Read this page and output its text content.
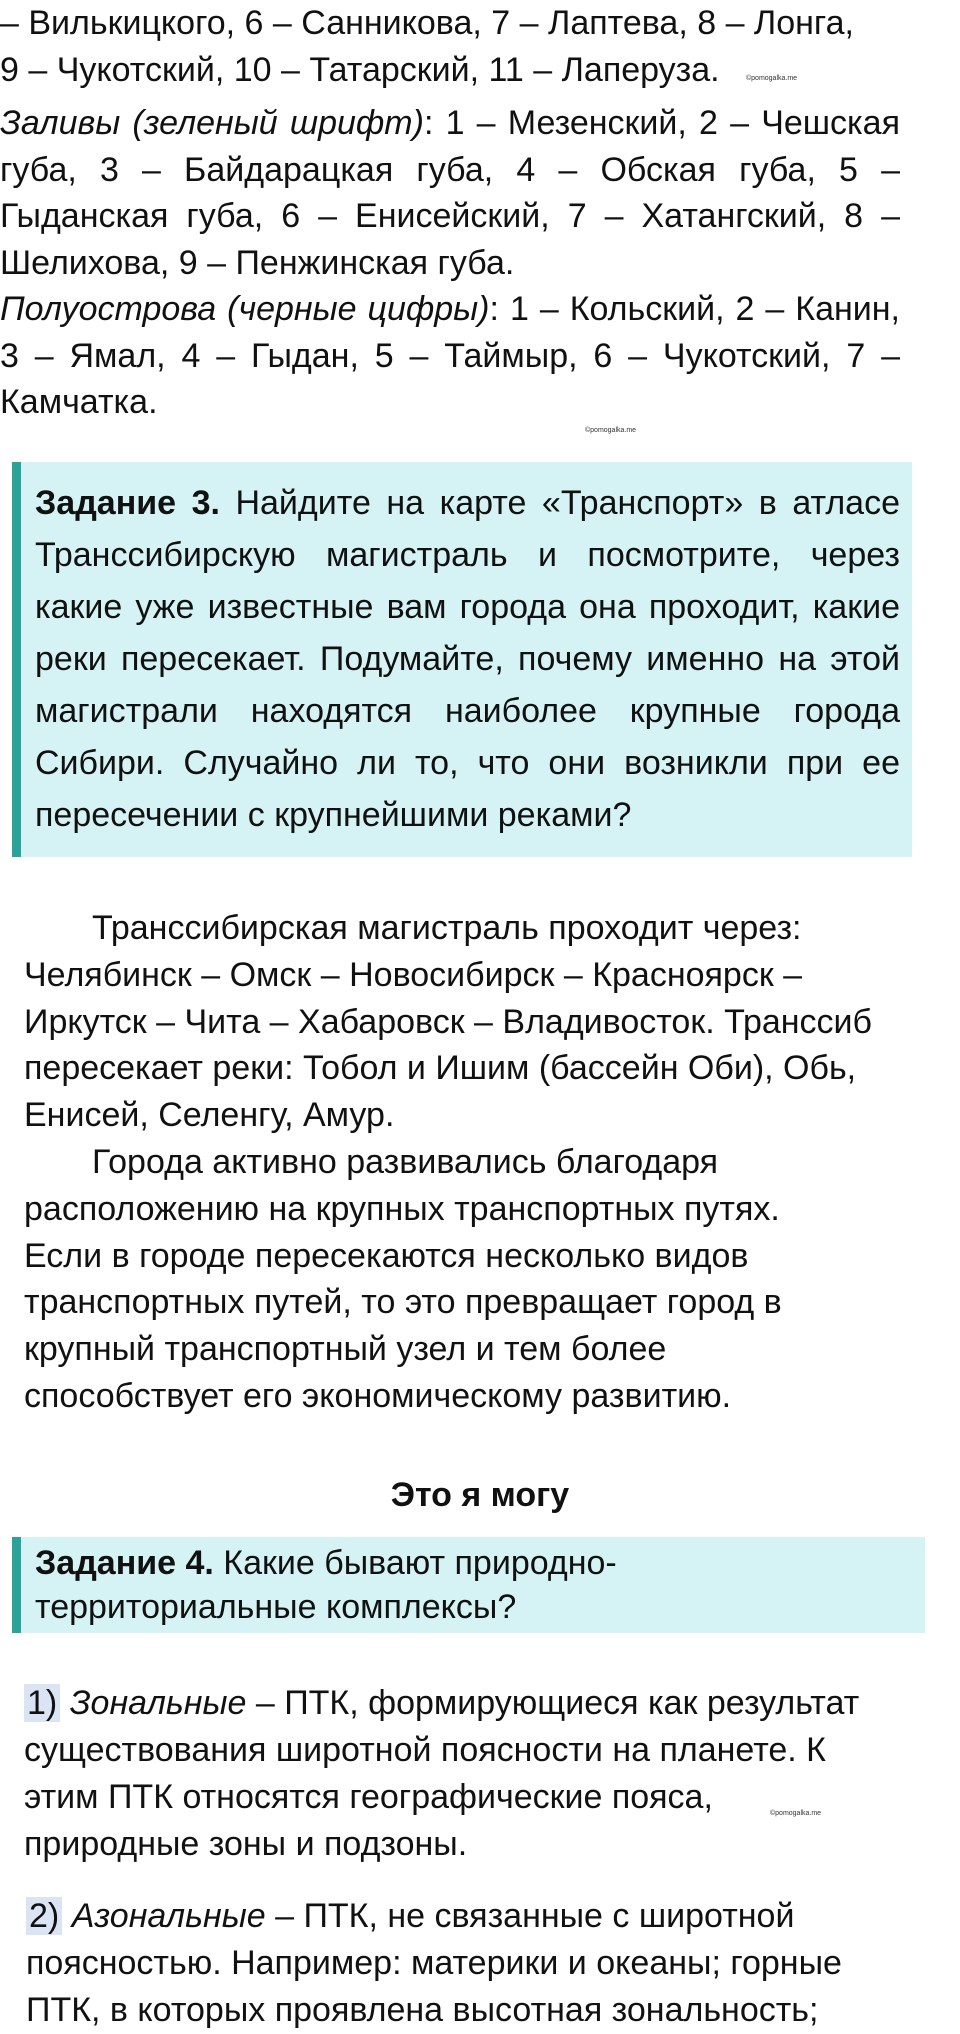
– Вилькицкого, 6 – Санникова, 7 – Лаптева, 8 – Лонга,
9 – Чукотский, 10 – Татарский, 11 – Лаперуза.	©pomogalka.me
Заливы (зеленый шрифт): 1 – Мезенский, 2 – Чешская губа, 3 – Байдарацкая губа, 4 – Обская губа, 5 – Гыданская губа, 6 – Енисейский, 7 – Хатангский, 8 – Шелихова, 9 – Пенжинская губа.
Полуострова (черные цифры): 1 – Кольский, 2 – Канин, 3 – Ямал, 4 – Гыдан, 5 – Таймыр, 6 – Чукотский, 7 – Камчатка.
©pomogalka.me
Задание 3. Найдите на карте «Транспорт» в атласе Транссибирскую магистраль и посмотрите, через какие уже известные вам города она проходит, какие реки пересекает. Подумайте, почему именно на этой магистрали находятся наиболее крупные города Сибири. Случайно ли то, что они возникли при ее пересечении с крупнейшими реками?
Транссибирская магистраль проходит через:
Челябинск – Омск – Новосибирск – Красноярск –
Иркутск – Чита – Хабаровск – Владивосток. Транссиб
пересекает реки: Тобол и Ишим (бассейн Оби), Обь,
Енисей, Селенгу, Амур.
Города активно развивались благодаря
расположению на крупных транспортных путях.
Если в городе пересекаются несколько видов
транспортных путей, то это превращает город в
крупный транспортный узел и тем более
способствует его экономическому развитию.
Это я могу
Задание 4. Какие бывают природно-
территориальные комплексы?
1) Зональные – ПТК, формирующиеся как результат
существования широтной поясности на планете. К
этим ПТК относятся географические пояса,
природные зоны и подзоны.
©pomogalka.me
2) Азональные – ПТК, не связанные с широтной
поясностью. Например: материки и океаны; горные
ПТК, в которых проявлена высотная зональность;
